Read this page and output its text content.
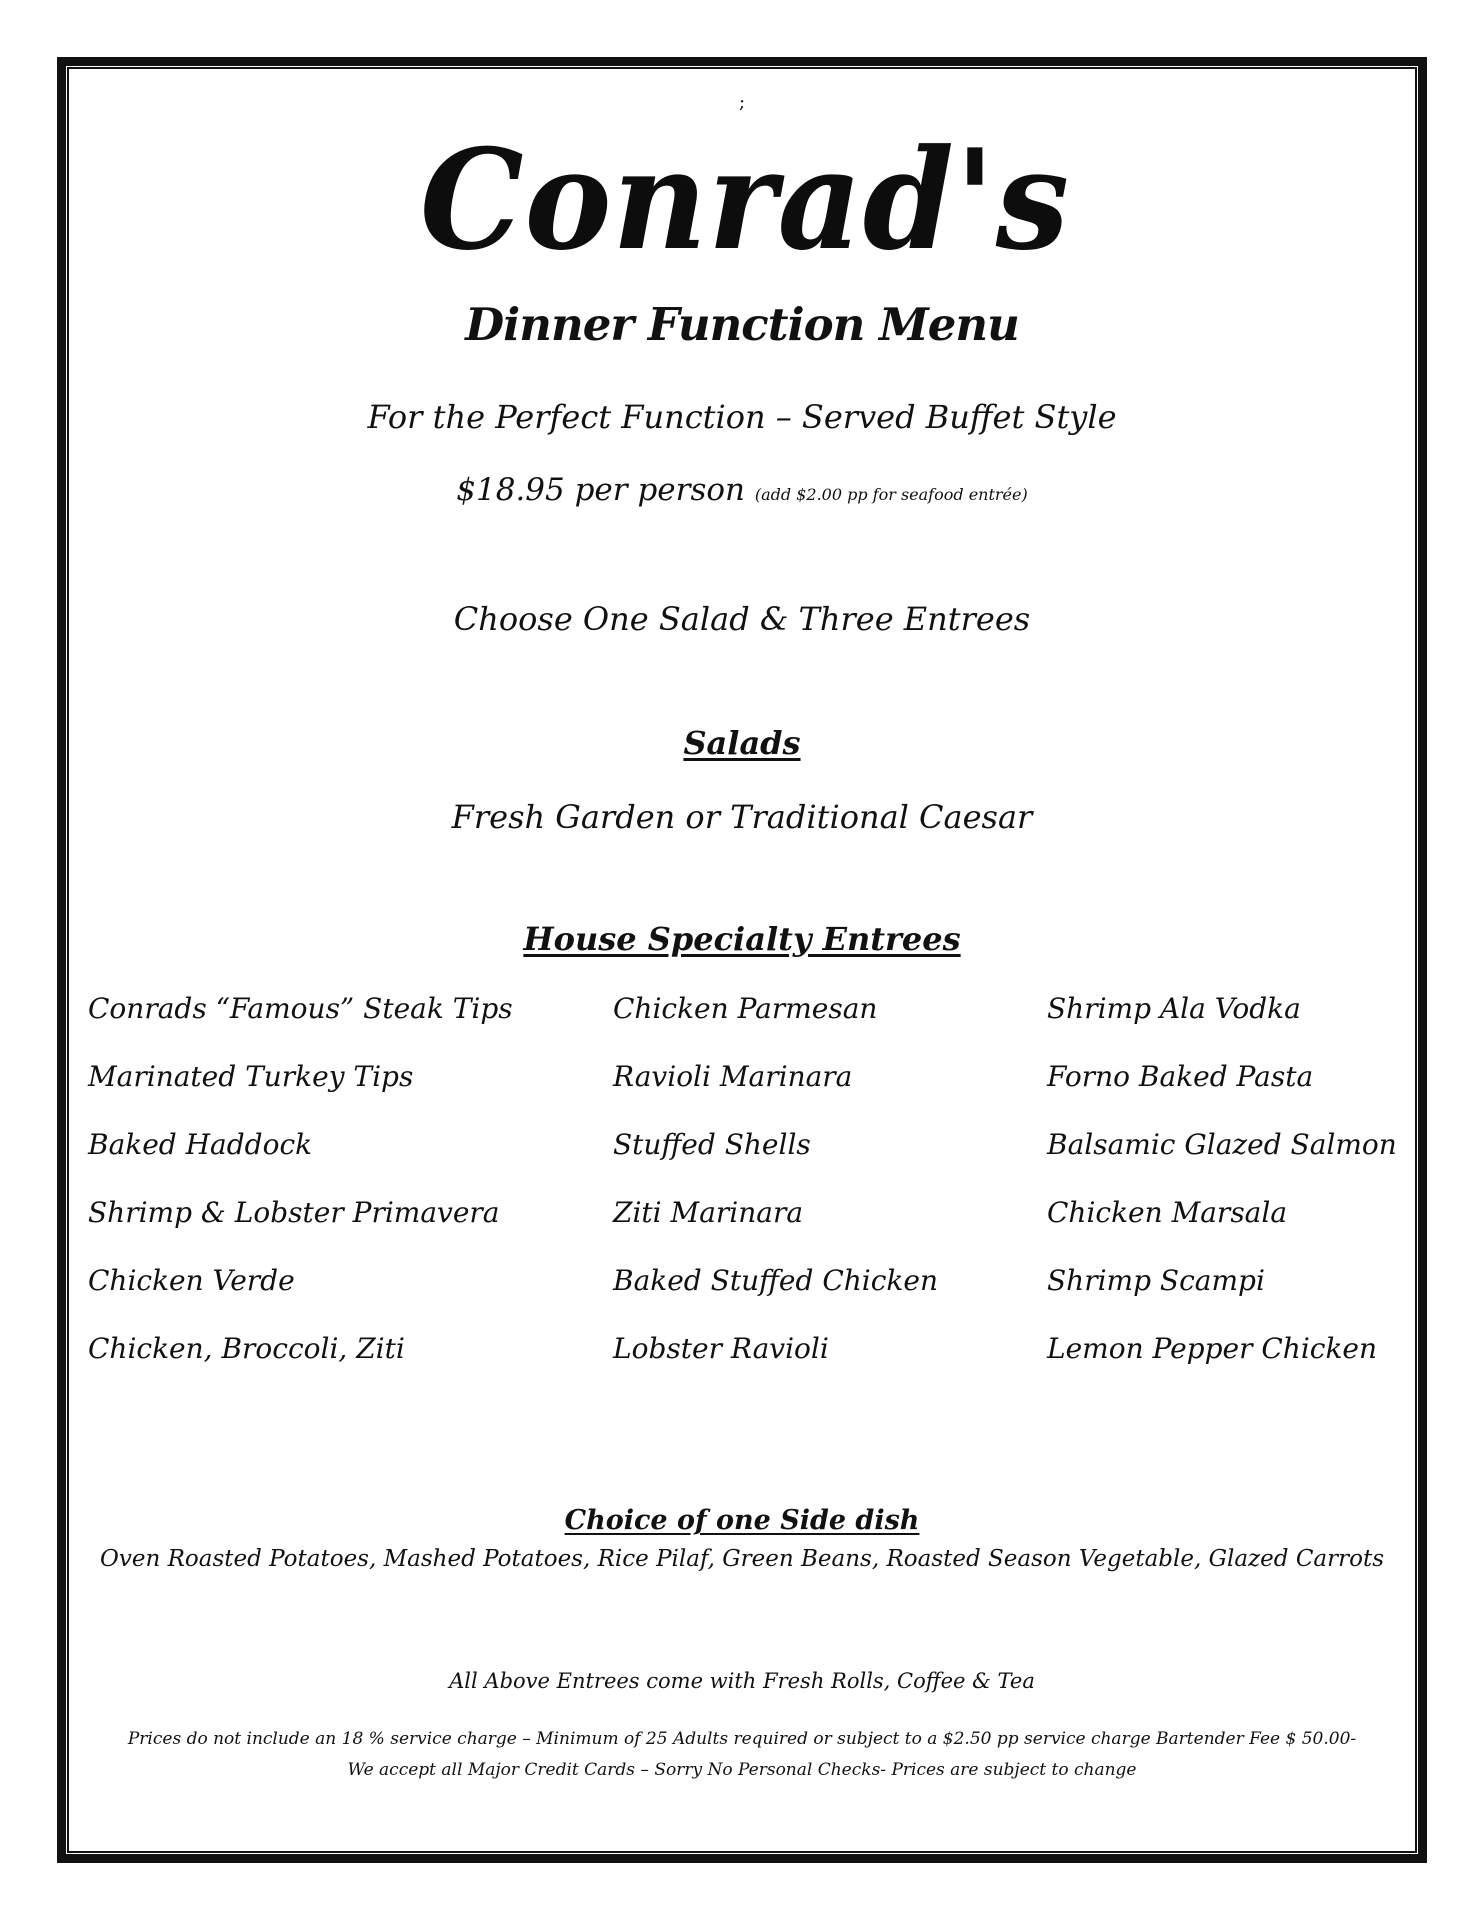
;
Conrad's
Dinner Function Menu
For the Perfect Function – Served Buffet Style
$18.95 per person (add $2.00 pp for seafood entrée)
Choose One Salad & Three Entrees
Salads
Fresh Garden or Traditional Caesar
House Specialty Entrees
Conrads “Famous” Steak Tips	Chicken Parmesan	Shrimp Ala Vodka
Marinated Turkey Tips	Ravioli Marinara	Forno Baked Pasta
Baked Haddock	Stuffed Shells	Balsamic Glazed Salmon
Shrimp & Lobster Primavera	Ziti Marinara	Chicken Marsala
Chicken Verde	Baked Stuffed Chicken	Shrimp Scampi
Chicken, Broccoli, Ziti	Lobster Ravioli	Lemon Pepper Chicken
Choice of one Side dish
Oven Roasted Potatoes, Mashed Potatoes, Rice Pilaf, Green Beans, Roasted Season Vegetable, Glazed Carrots
All Above Entrees come with Fresh Rolls, Coffee & Tea
Prices do not include an 18 % service charge – Minimum of 25 Adults required or subject to a $2.50 pp service charge Bartender Fee $ 50.00-
We accept all Major Credit Cards – Sorry No Personal Checks- Prices are subject to change
